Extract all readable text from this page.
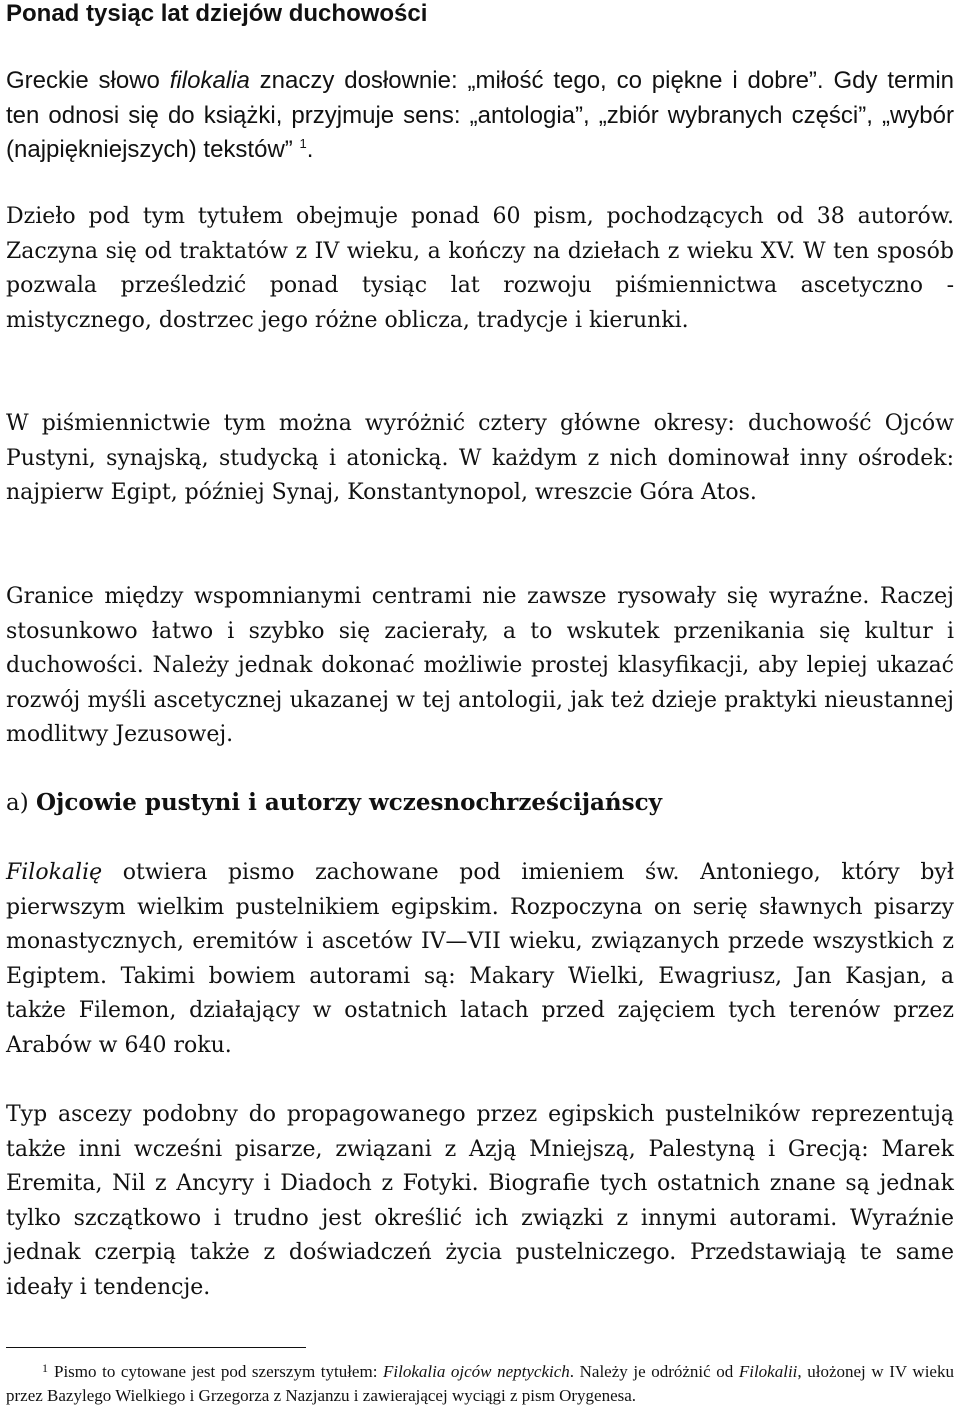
Ponad tysiąc lat dziejów duchowości

Greckie słowo filokalia znaczy dosłownie: „miłość tego, co piękne i dobre”. Gdy termin ten odnosi się do książki, przyjmuje sens: „antologia”, „zbiór wybranych części”, „wybór (najpiękniejszych) tekstów” $^1$.

Dzieło pod tym tytułem obejmuje ponad 60 pism, pochodzących od 38 autorów. Zaczyna się od traktatów z IV wieku, a kończy na dziełach z wieku XV. W ten sposób pozwala prześledzić ponad tysiąc lat rozwoju piśmiennictwa ascetyczno - mistycznego, dostrzec jego różne oblicza, tradycje i kierunki.

W piśmiennictwie tym można wyróżnić cztery główne okresy: duchowość Ojców Pustyni, synajską, studycką i atonicką. W każdym z nich dominował inny ośrodek: najpierw Egipt, później Synaj, Konstantynopol, wreszcie Góra Atos.

Granice między wspomnianymi centrami nie zawsze rysowały się wyraźne. Raczej stosunkowo łatwo i szybko się zacierały, a to wskutek przenikania się kultur i duchowości. Należy jednak dokonać możliwie prostej klasyfikacji, aby lepiej ukazać rozwój myśli ascetycznej ukazanej w tej antologii, jak też dzieje praktyki nieustannej modlitwy Jezusowej.

a) Ojcowie pustyni i autorzy wczesnochrześcijańscy

Filokalię otwiera pismo zachowane pod imieniem św. Antoniego, który był pierwszym wielkim pustelnikiem egipskim. Rozpoczyna on serię sławnych pisarzy monastycznych, eremitów i ascetów IV—VII wieku, związanych przede wszystkich z Egiptem. Takimi bowiem autorami są: Makary Wielki, Ewagriusz, Jan Kasjan, a także Filemon, działający w ostatnich latach przed zajęciem tych terenów przez Arabów w 640 roku.

Typ ascezy podobny do propagowanego przez egipskich pustelników reprezentują także inni wcześni pisarze, związani z Azją Mniejszą, Palestyną i Grecją: Marek Eremita, Nil z Ancyry i Diadoch z Fotyki. Biografie tych ostatnich znane są jednak tylko szczątkowo i trudno jest określić ich związki z innymi autorami. Wyraźnie jednak czerpią także z doświadczeń życia pustelniczego. Przedstawiają te same ideały i tendencje.

1 Pismo to cytowane jest pod szerszym tytułem: Filokalia ojców neptyckich. Należy je odróżnić od Filokalii, ułożonej w IV wieku przez Bazylego Wielkiego i Grzegorza z Nazjanzu i zawierającej wyciągi z pism Orygenesa.
